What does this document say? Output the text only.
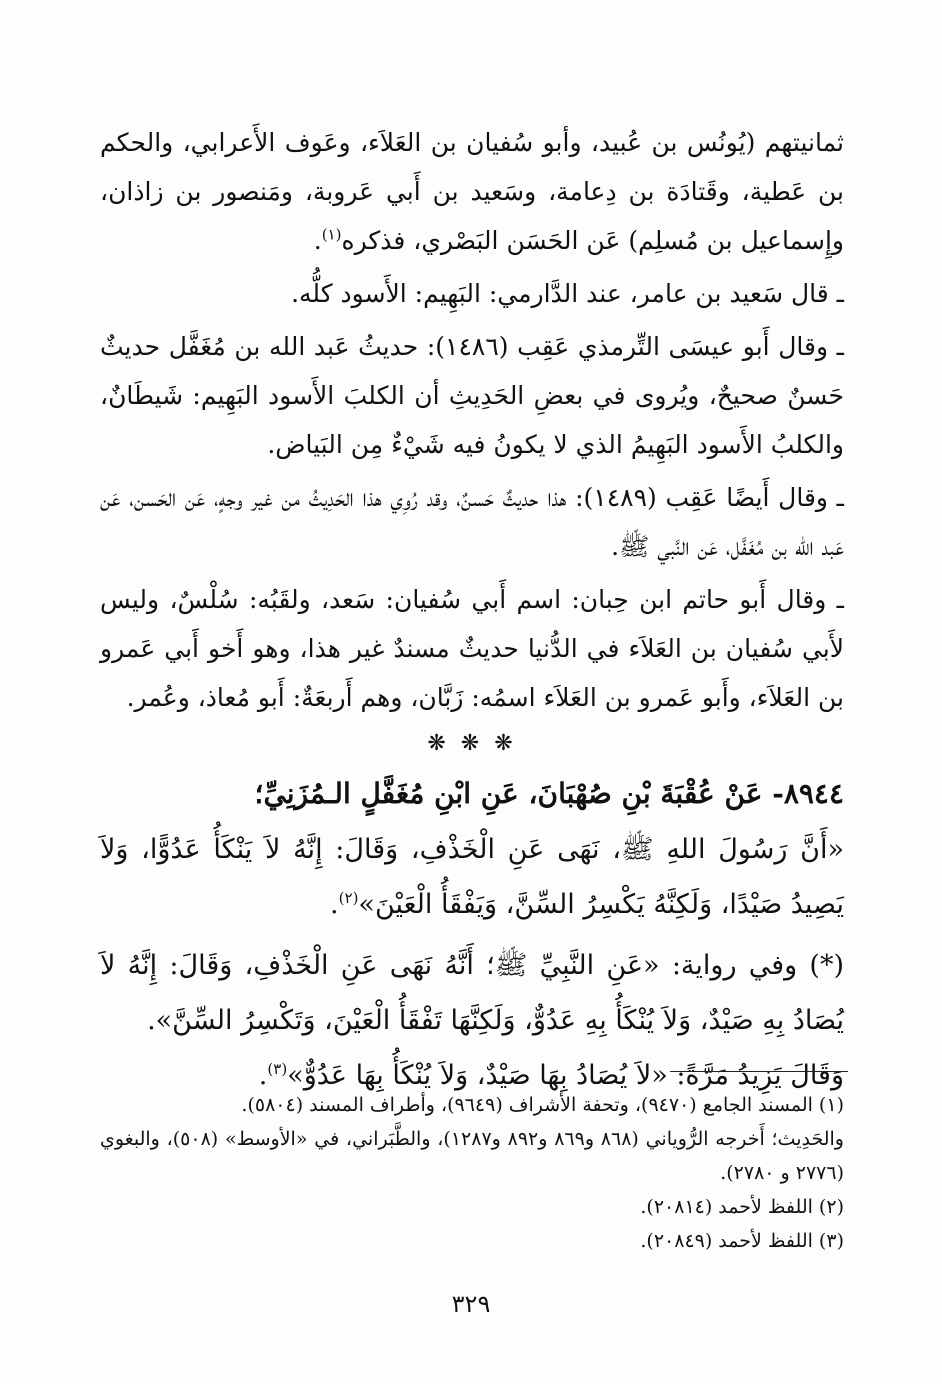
ثمانيتهم (يُونُس بن عُبيد، وأبو سُفيان بن العَلاَء، وعَوف الأَعرابي، والحكم بن عَطية، وقَتادَة بن دِعامة، وسَعيد بن أَبي عَروبة، ومَنصور بن زاذان، وإِسماعيل بن مُسلِم) عَن الحَسَن البَصْري، فذكره$^{(١)}$.

ـ قال سَعيد بن عامر، عند الدَّارمي: البَهِيم: الأَسود كلُّه.

ـ وقال أَبو عيسَى التِّرمذي عَقِب (١٤٨٦): حديثُ عَبد الله بن مُغَفَّل حديثٌ حَسنٌ صحيحٌ، ويُروى في بعضِ الحَدِيثِ أن الكلبَ الأَسود البَهِيم: شَيطَانٌ، والكلبُ الأَسود البَهِيمُ الذي لا يكونُ فيه شَيْءٌ مِن البَياض.

ـ وقال أَيضًا عَقِب (١٤٨٩): هذا حديثٌ حَسنٌ، وقد رُوِي هذا الحَدِيثُ من غير وجهٍ، عَن الحَسن، عَن عَبد الله بن مُغَفَّل، عَن النَّبي ﷺ.

ـ وقال أَبو حاتم ابن حِبان: اسم أَبي سُفيان: سَعد، ولقَبُه: سُلْسٌ، وليس لأَبي سُفيان بن العَلاَء في الدُّنيا حديثٌ مسندٌ غير هذا، وهو أَخو أَبي عَمرو بن العَلاَء، وأَبو عَمرو بن العَلاَء اسمُه: زَبَّان، وهم أَربعَةٌ: أَبو مُعاذ، وعُمر.

❋ ❋ ❋

٨٩٤٤- عَنْ عُقْبَةَ بْنِ صُهْبَانَ، عَنِ ابْنِ مُغَفَّلٍ الـمُزَنِيِّ؛

«أَنَّ رَسُولَ اللهِ ﷺ، نَهَى عَنِ الْخَذْفِ، وَقَالَ: إِنَّهُ لاَ يَنْكَأُ عَدُوًّا، وَلاَ يَصِيدُ صَيْدًا، وَلَكِنَّهُ يَكْسِرُ السِّنَّ، وَيَفْقَأُ الْعَيْنَ»$^{(٢)}$.

(*) وفي رواية: «عَنِ النَّبِيِّ ﷺ؛ أَنَّهُ نَهَى عَنِ الْخَذْفِ، وَقَالَ: إِنَّهُ لاَ يُصَادُ بِهِ صَيْدٌ، وَلاَ يُنْكَأُ بِهِ عَدُوٌّ، وَلَكِنَّهَا تَفْقَأُ الْعَيْنَ، وَتَكْسِرُ السِّنَّ».

وَقَالَ يَزِيدُ مَرَّةً: «لاَ يُصَادُ بِهَا صَيْدٌ، وَلاَ يُنْكَأُ بِهَا عَدُوٌّ»$^{(٣)}$.

(١) المسند الجامع (٩٤٧٠)، وتحفة الأشراف (٩٦٤٩)، وأطراف المسند (٥٨٠٤).

والحَدِيث؛ أَخرجه الرُّوياني (٨٦٨ و٨٦٩ و٨٩٢ و١٢٨٧)، والطَّبَراني، في «الأوسط» (٥٠٨)، والبغوي (٢٧٧٦ و ٢٧٨٠).

(٢) اللفظ لأحمد (٢٠٨١٤).

(٣) اللفظ لأحمد (٢٠٨٤٩).

٣٢٩
